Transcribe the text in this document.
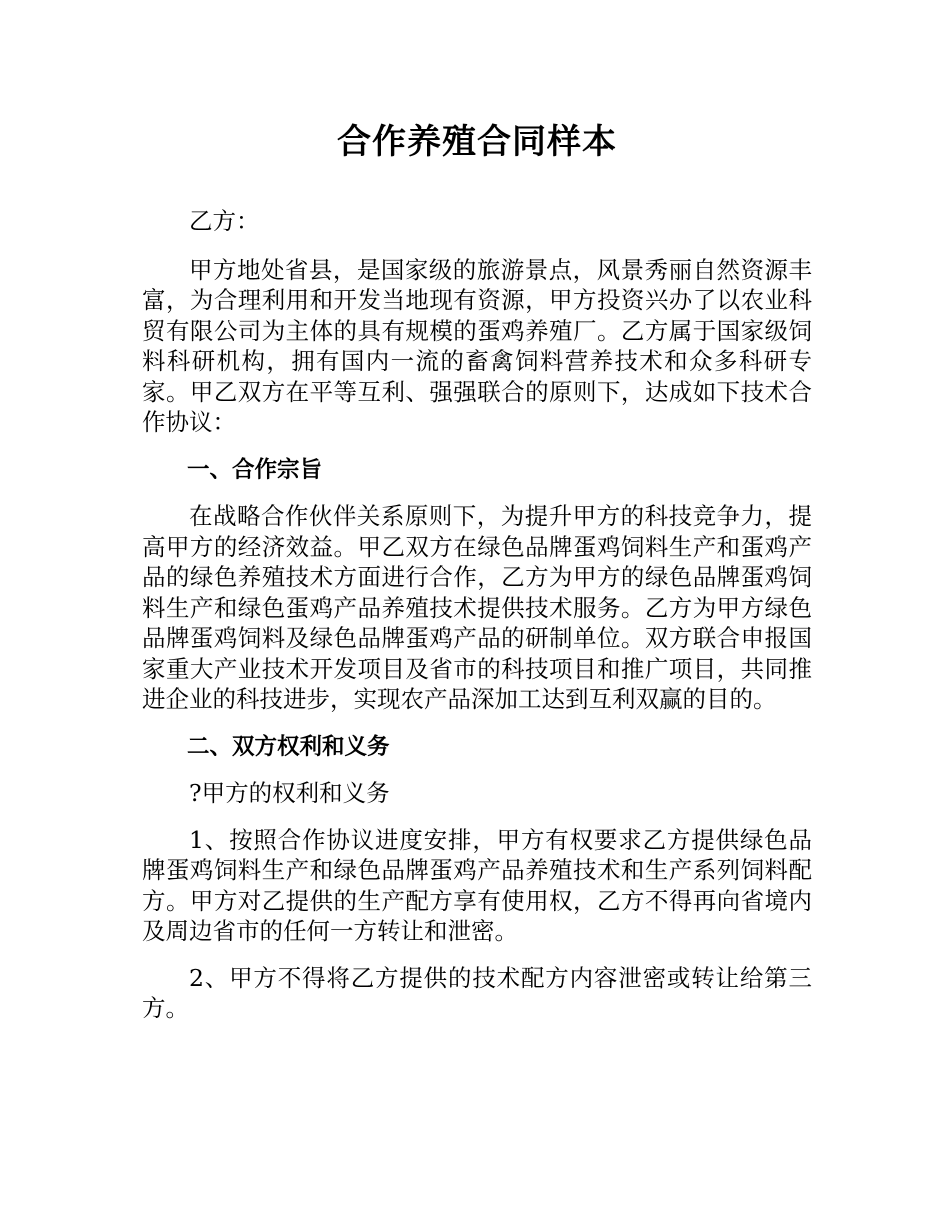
合作养殖合同样本

乙方：

甲方地处省县，是国家级的旅游景点，风景秀丽自然资源丰富，为合理利用和开发当地现有资源，甲方投资兴办了以农业科贸有限公司为主体的具有规模的蛋鸡养殖厂。乙方属于国家级饲料科研机构，拥有国内一流的畜禽饲料营养技术和众多科研专家。甲乙双方在平等互利、强强联合的原则下，达成如下技术合作协议：

一、合作宗旨

在战略合作伙伴关系原则下，为提升甲方的科技竞争力，提高甲方的经济效益。甲乙双方在绿色品牌蛋鸡饲料生产和蛋鸡产品的绿色养殖技术方面进行合作，乙方为甲方的绿色品牌蛋鸡饲料生产和绿色蛋鸡产品养殖技术提供技术服务。乙方为甲方绿色品牌蛋鸡饲料及绿色品牌蛋鸡产品的研制单位。双方联合申报国家重大产业技术开发项目及省市的科技项目和推广项目，共同推进企业的科技进步，实现农产品深加工达到互利双赢的目的。

二、双方权利和义务

?甲方的权利和义务

1、按照合作协议进度安排，甲方有权要求乙方提供绿色品牌蛋鸡饲料生产和绿色品牌蛋鸡产品养殖技术和生产系列饲料配方。甲方对乙提供的生产配方享有使用权，乙方不得再向省境内及周边省市的任何一方转让和泄密。

2、甲方不得将乙方提供的技术配方内容泄密或转让给第三方。
